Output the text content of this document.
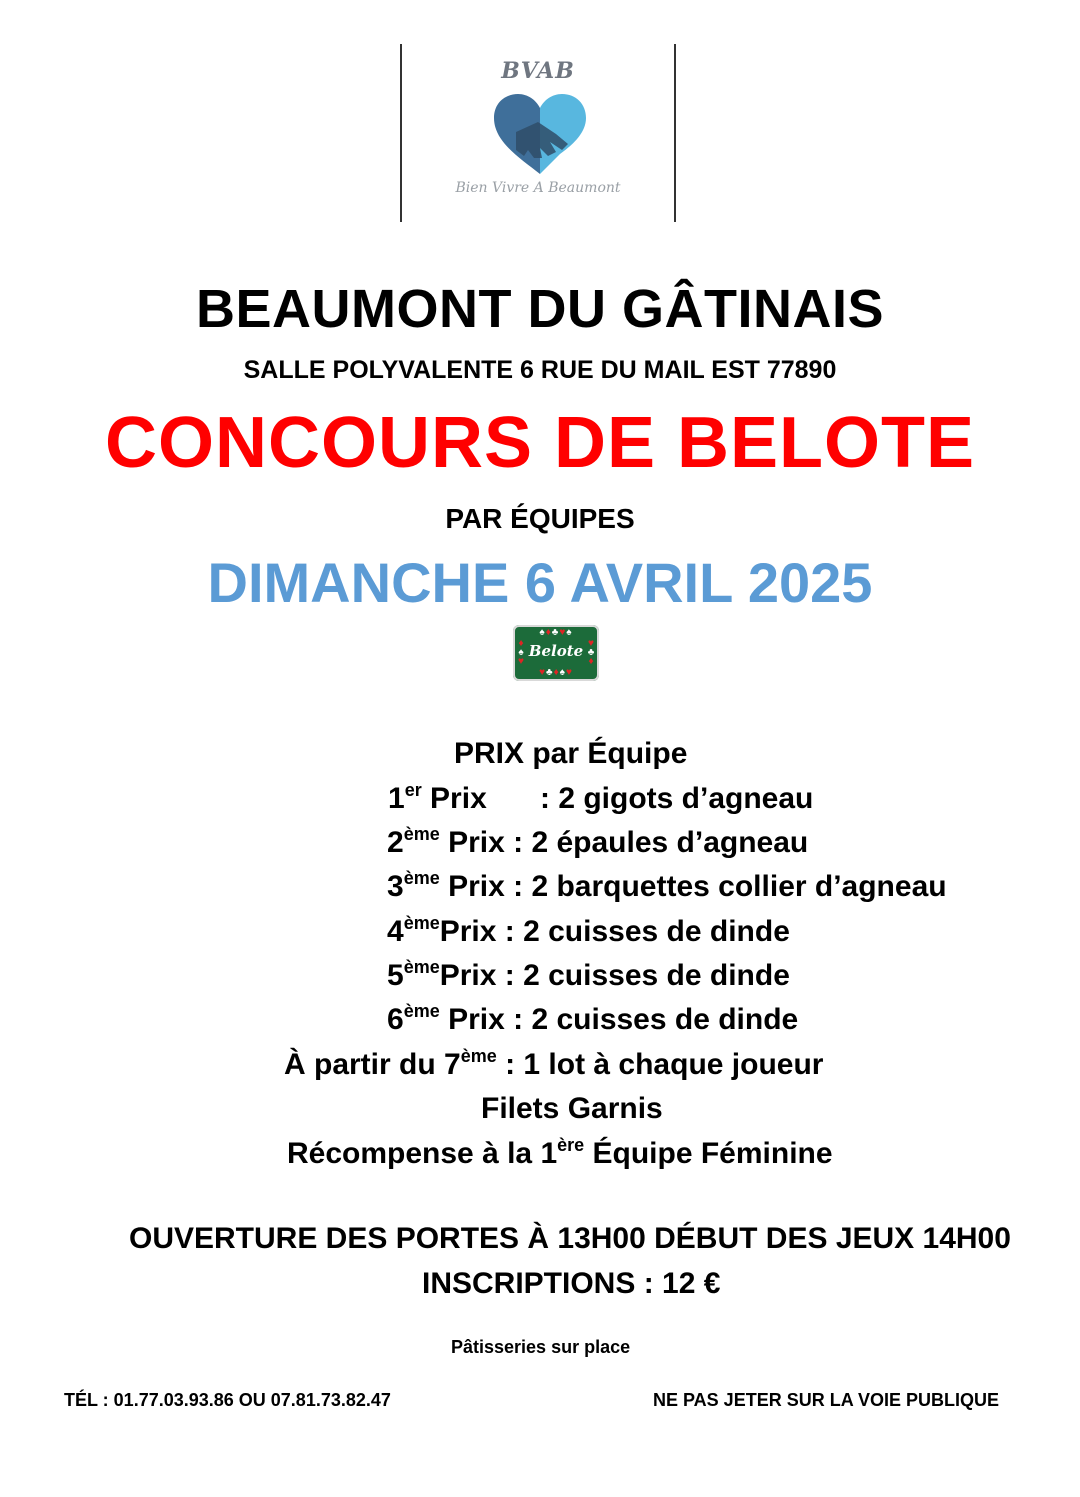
BVAB
Bien Vivre A Beaumont
BEAUMONT DU GÂTINAIS
SALLE POLYVALENTE 6 RUE DU MAIL EST 77890
CONCOURS DE BELOTE
PAR ÉQUIPES
DIMANCHE 6 AVRIL 2025
♠♦♣♥♠
♦
♠
♥
♥
♣
♦
Belote
♥♣♦♠♥
PRIX par Équipe
1er Prix : 2 gigots d’agneau
2ème Prix : 2 épaules d’agneau
3ème Prix : 2 barquettes collier d’agneau
4èmePrix : 2 cuisses de dinde
5èmePrix : 2 cuisses de dinde
6ème Prix : 2 cuisses de dinde
À partir du 7ème : 1 lot à chaque joueur
Filets Garnis
Récompense à la 1ère Équipe Féminine
OUVERTURE DES PORTES À 13H00 DÉBUT DES JEUX 14H00
INSCRIPTIONS : 12 €
Pâtisseries sur place
TÉL : 01.77.03.93.86 OU 07.81.73.82.47	NE PAS JETER SUR LA VOIE PUBLIQUE
